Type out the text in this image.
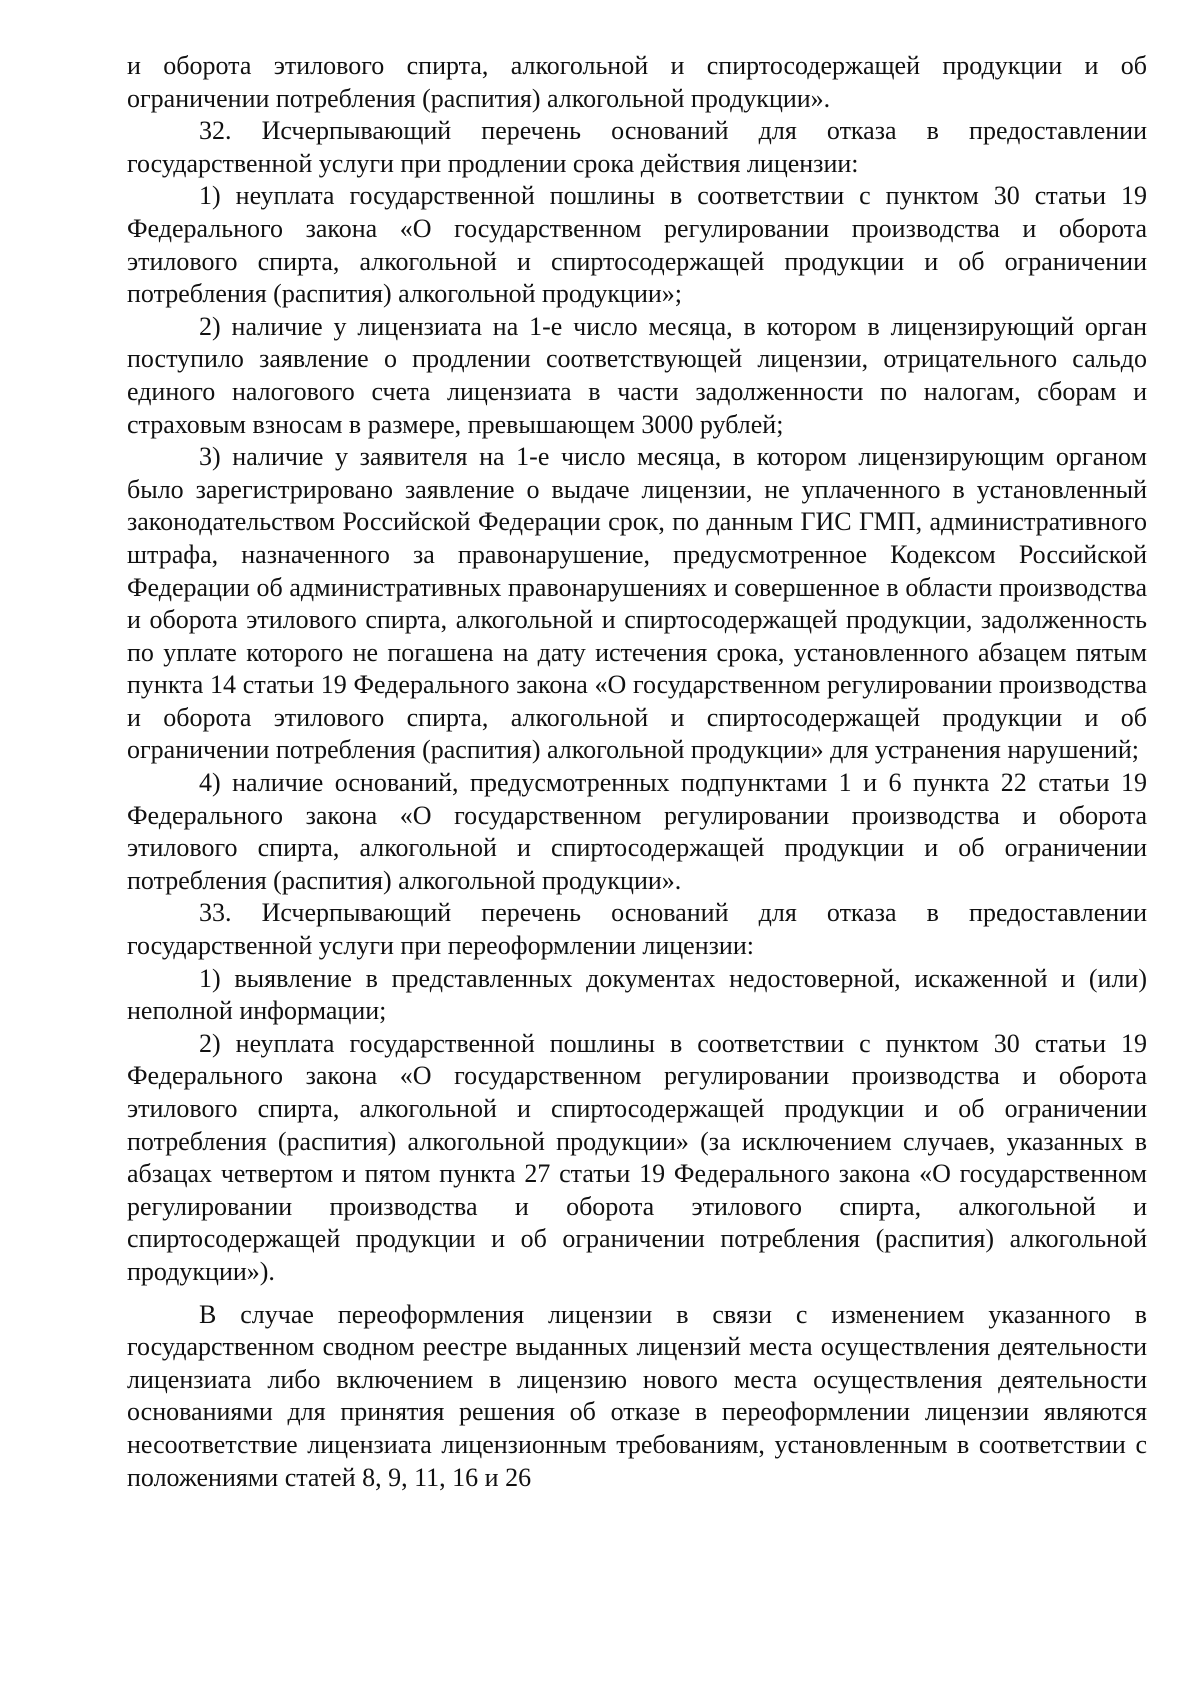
и оборота этилового спирта, алкогольной и спиртосодержащей продукции и об ограничении потребления (распития) алкогольной продукции».

32. Исчерпывающий перечень оснований для отказа в предоставлении государственной услуги при продлении срока действия лицензии:

1) неуплата государственной пошлины в соответствии с пунктом 30 статьи 19 Федерального закона «О государственном регулировании производства и оборота этилового спирта, алкогольной и спиртосодержащей продукции и об ограничении потребления (распития) алкогольной продукции»;

2) наличие у лицензиата на 1-е число месяца, в котором в лицензирующий орган поступило заявление о продлении соответствующей лицензии, отрицательного сальдо единого налогового счета лицензиата в части задолженности по налогам, сборам и страховым взносам в размере, превышающем 3000 рублей;

3) наличие у заявителя на 1-е число месяца, в котором лицензирующим органом было зарегистрировано заявление о выдаче лицензии, не уплаченного в установленный законодательством Российской Федерации срок, по данным ГИС ГМП, административного штрафа, назначенного за правонарушение, предусмотренное Кодексом Российской Федерации об административных правонарушениях и совершенное в области производства и оборота этилового спирта, алкогольной и спиртосодержащей продукции, задолженность по уплате которого не погашена на дату истечения срока, установленного абзацем пятым пункта 14 статьи 19 Федерального закона «О государственном регулировании производства и оборота этилового спирта, алкогольной и спиртосодержащей продукции и об ограничении потребления (распития) алкогольной продукции» для устранения нарушений;

4) наличие оснований, предусмотренных подпунктами 1 и 6 пункта 22 статьи 19 Федерального закона «О государственном регулировании производства и оборота этилового спирта, алкогольной и спиртосодержащей продукции и об ограничении потребления (распития) алкогольной продукции».

33. Исчерпывающий перечень оснований для отказа в предоставлении государственной услуги при переоформлении лицензии:

1) выявление в представленных документах недостоверной, искаженной и (или) неполной информации;

2) неуплата государственной пошлины в соответствии с пунктом 30 статьи 19 Федерального закона «О государственном регулировании производства и оборота этилового спирта, алкогольной и спиртосодержащей продукции и об ограничении потребления (распития) алкогольной продукции» (за исключением случаев, указанных в абзацах четвертом и пятом пункта 27 статьи 19 Федерального закона «О государственном регулировании производства и оборота этилового спирта, алкогольной и спиртосодержащей продукции и об ограничении потребления (распития) алкогольной продукции»).

В случае переоформления лицензии в связи с изменением указанного в государственном сводном реестре выданных лицензий места осуществления деятельности лицензиата либо включением в лицензию нового места осуществления деятельности основаниями для принятия решения об отказе в переоформлении лицензии являются несоответствие лицензиата лицензионным требованиям, установленным в соответствии с положениями статей 8, 9, 11, 16 и 26
